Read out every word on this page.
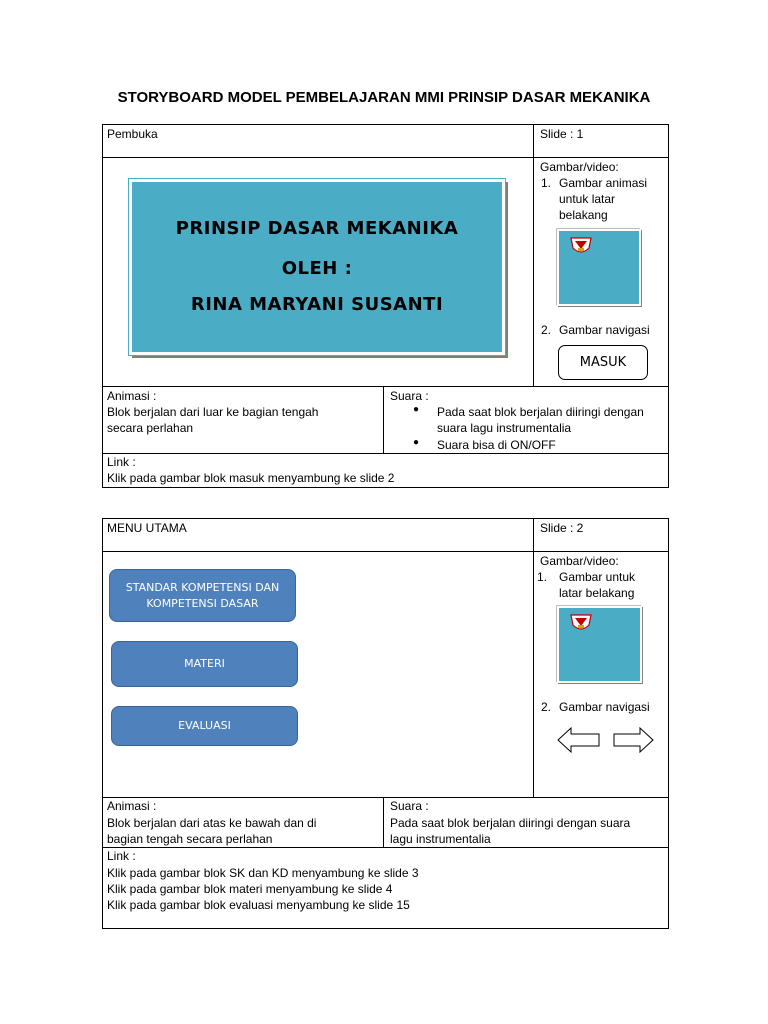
STORYBOARD MODEL PEMBELAJARAN MMI PRINSIP DASAR MEKANIKA
Pembuka	Slide : 1
PRINSIP DASAR MEKANIKA
OLEH :
RINA MARYANI SUSANTI
Gambar/video:
1. Gambar animasi
untuk latar
belakang
2. Gambar navigasi
MASUK
Animasi :
Blok berjalan dari luar ke bagian tengah
secara perlahan
Suara :
● Pada saat blok berjalan diiringi dengan
suara lagu instrumentalia
● Suara bisa di ON/OFF
Link :
Klik pada gambar blok masuk menyambung ke slide 2
MENU UTAMA	Slide : 2
STANDAR KOMPETENSI DAN
KOMPETENSI DASAR
MATERI
EVALUASI
Gambar/video:
1. Gambar untuk
latar belakang
2. Gambar navigasi
Animasi :
Blok berjalan dari atas ke bawah dan di
bagian tengah secara perlahan
Suara :
Pada saat blok berjalan diiringi dengan suara
lagu instrumentalia
Link :
Klik pada gambar blok SK dan KD menyambung ke slide 3
Klik pada gambar blok materi menyambung ke slide 4
Klik pada gambar blok evaluasi menyambung ke slide 15
